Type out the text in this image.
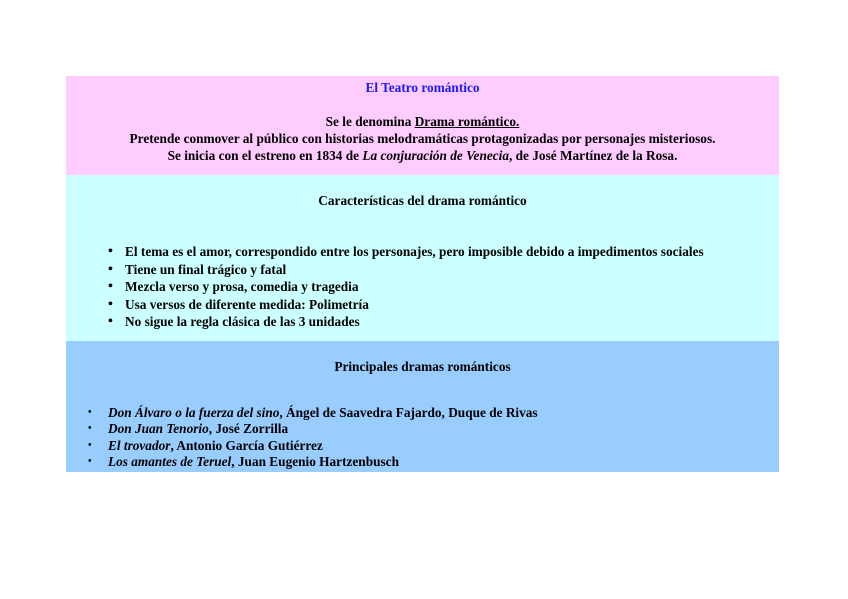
El Teatro romántico
Se le denomina Drama romántico.
Pretende conmover al público con historias melodramáticas protagonizadas por personajes misteriosos.
Se inicia con el estreno en 1834 de La conjuración de Venecia, de José Martínez de la Rosa.
Características del drama romántico
• El tema es el amor, correspondido entre los personajes, pero imposible debido a impedimentos sociales
• Tiene un final trágico y fatal
• Mezcla verso y prosa, comedia y tragedia
• Usa versos de diferente medida: Polimetría
• No sigue la regla clásica de las 3 unidades
Principales dramas románticos
• Don Álvaro o la fuerza del sino, Ángel de Saavedra Fajardo, Duque de Rivas
• Don Juan Tenorio, José Zorrilla
• El trovador, Antonio García Gutiérrez
• Los amantes de Teruel, Juan Eugenio Hartzenbusch
